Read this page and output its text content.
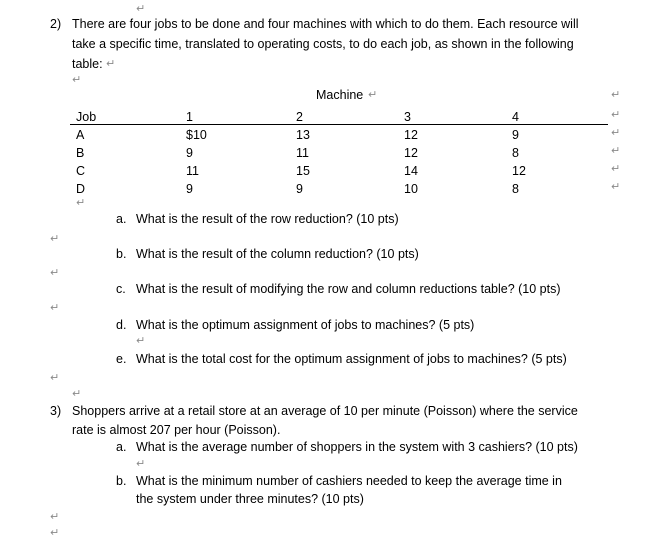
↵
2) There are four jobs to be done and four machines with which to do them. Each resource will
take a specific time, translated to operating costs, to do each job, as shown in the following
table: ↵
↵
Machine ↵
Job	1	2	3	4
A	$10	13	12	9
B	9	11	12	8
C	11	15	14	12
D	9	9	10	8
↵
↵
↵
↵
↵
↵
↵
a. What is the result of the row reduction? (10 pts)
↵
b. What is the result of the column reduction? (10 pts)
↵
c. What is the result of modifying the row and column reductions table? (10 pts)
↵
d. What is the optimum assignment of jobs to machines? (5 pts)
↵
e. What is the total cost for the optimum assignment of jobs to machines? (5 pts)
↵
↵
3) Shoppers arrive at a retail store at an average of 10 per minute (Poisson) where the service
rate is almost 207 per hour (Poisson).
a. What is the average number of shoppers in the system with 3 cashiers? (10 pts)
↵
b. What is the minimum number of cashiers needed to keep the average time in
the system under three minutes? (10 pts)
↵
↵
